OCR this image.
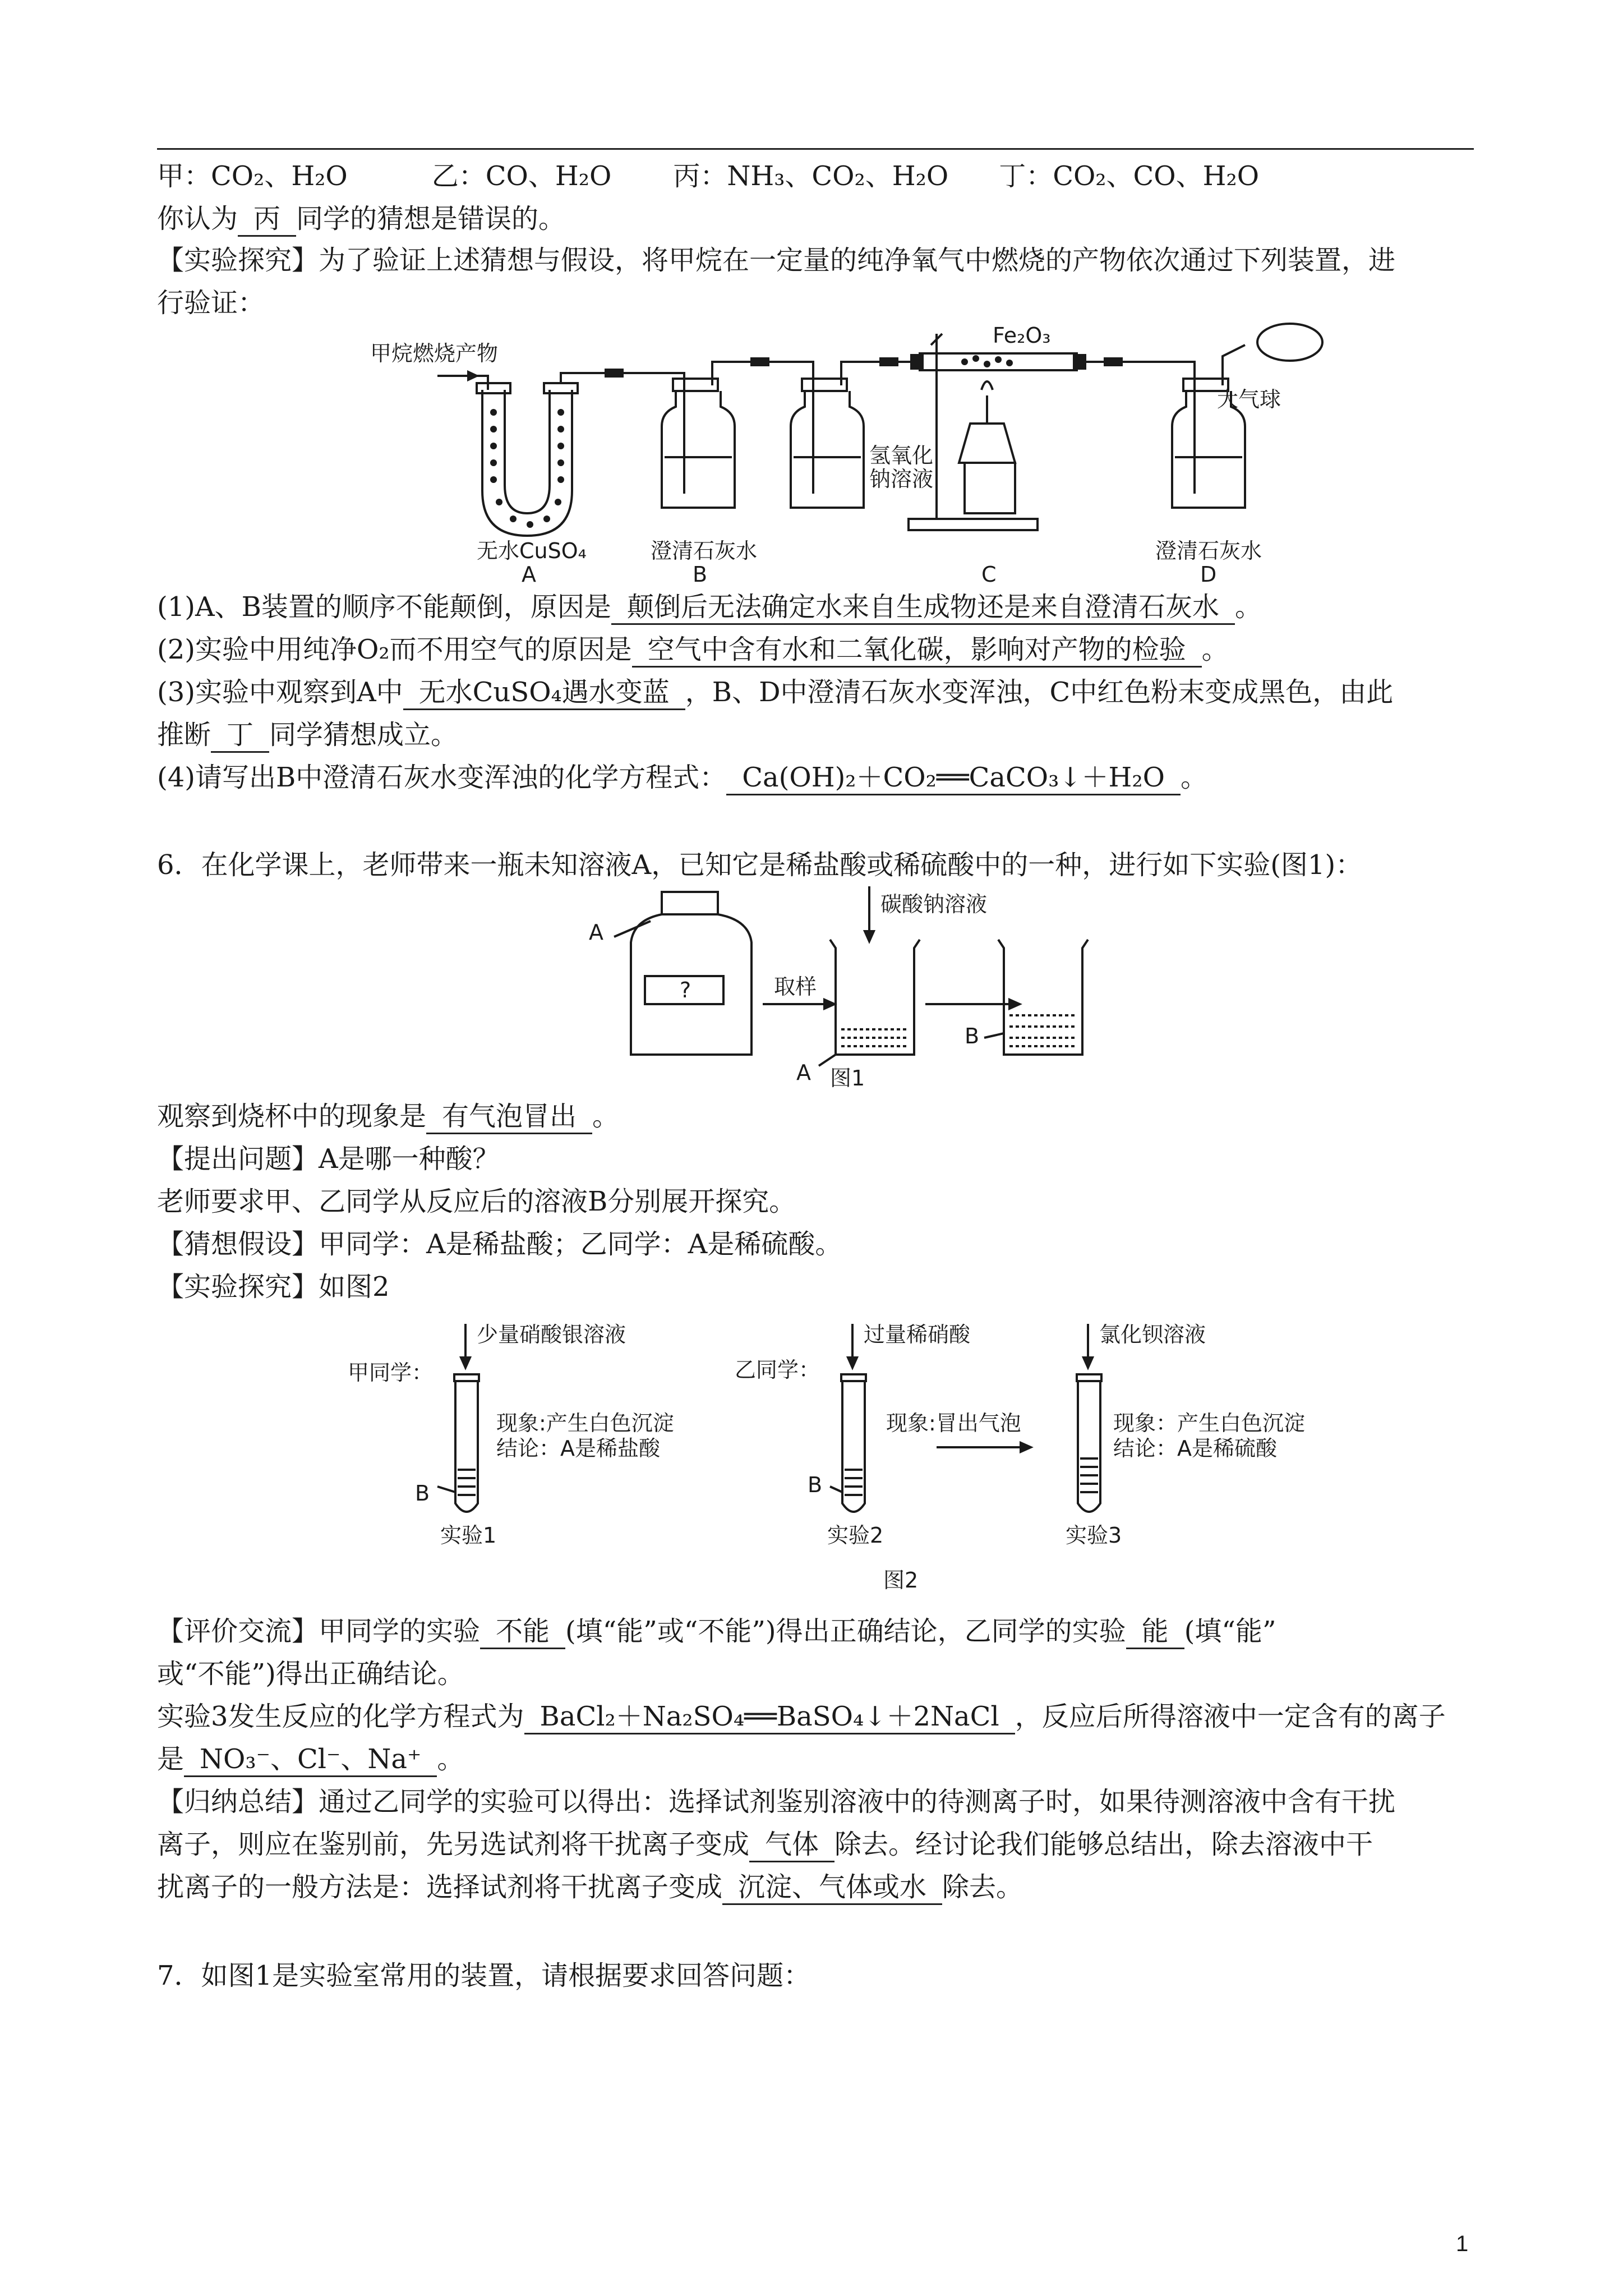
甲：CO₂、H₂O	乙：CO、H₂O 丙：NH₃、CO₂、H₂O 丁：CO₂、CO、H₂O
你认为 丙 同学的猜想是错误的。
【实验探究】为了验证上述猜想与假设，将甲烷在一定量的纯净氧气中燃烧的产物依次通过下列装置，进
行验证：
甲烷燃烧产物
Fe₂O₃
大气球
氢氧化
钠溶液
无水CuSO₄	澄清石灰水	澄清石灰水
A	B	C	D
(1)A、B装置的顺序不能颠倒，原因是 颠倒后无法确定水来自生成物还是来自澄清石灰水 。
(2)实验中用纯净O₂而不用空气的原因是 空气中含有水和二氧化碳，影响对产物的检验 。
(3)实验中观察到A中 无水CuSO₄遇水变蓝 ，B、D中澄清石灰水变浑浊，C中红色粉末变成黑色，由此
推断 丁 同学猜想成立。
(4)请写出B中澄清石灰水变浑浊的化学方程式： Ca(OH)₂＋CO₂══CaCO₃↓＋H₂O 。
6．在化学课上，老师带来一瓶未知溶液A，已知它是稀盐酸或稀硫酸中的一种，进行如下实验(图1)：
碳酸钠溶液
取样
?
A
A
B
图1
观察到烧杯中的现象是 有气泡冒出 。
【提出问题】A是哪一种酸？
老师要求甲、乙同学从反应后的溶液B分别展开探究。
【猜想假设】甲同学：A是稀盐酸；乙同学：A是稀硫酸。
【实验探究】如图2
甲同学：
少量硝酸银溶液
现象:产生白色沉淀
结论：A是稀盐酸
B
实验1
乙同学：
过量稀硝酸
现象:冒出气泡
B
实验2
氯化钡溶液
现象：产生白色沉淀
结论：A是稀硫酸
实验3
图2
【评价交流】甲同学的实验 不能 (填“能”或“不能”)得出正确结论，乙同学的实验 能 (填“能”
或“不能”)得出正确结论。
实验3发生反应的化学方程式为 BaCl₂＋Na₂SO₄══BaSO₄↓＋2NaCl ，反应后所得溶液中一定含有的离子
是 NO₃⁻、Cl⁻、Na⁺ 。
【归纳总结】通过乙同学的实验可以得出：选择试剂鉴别溶液中的待测离子时，如果待测溶液中含有干扰
离子，则应在鉴别前，先另选试剂将干扰离子变成 气体 除去。经讨论我们能够总结出，除去溶液中干
扰离子的一般方法是：选择试剂将干扰离子变成 沉淀、气体或水 除去。
7．如图1是实验室常用的装置，请根据要求回答问题：
1
